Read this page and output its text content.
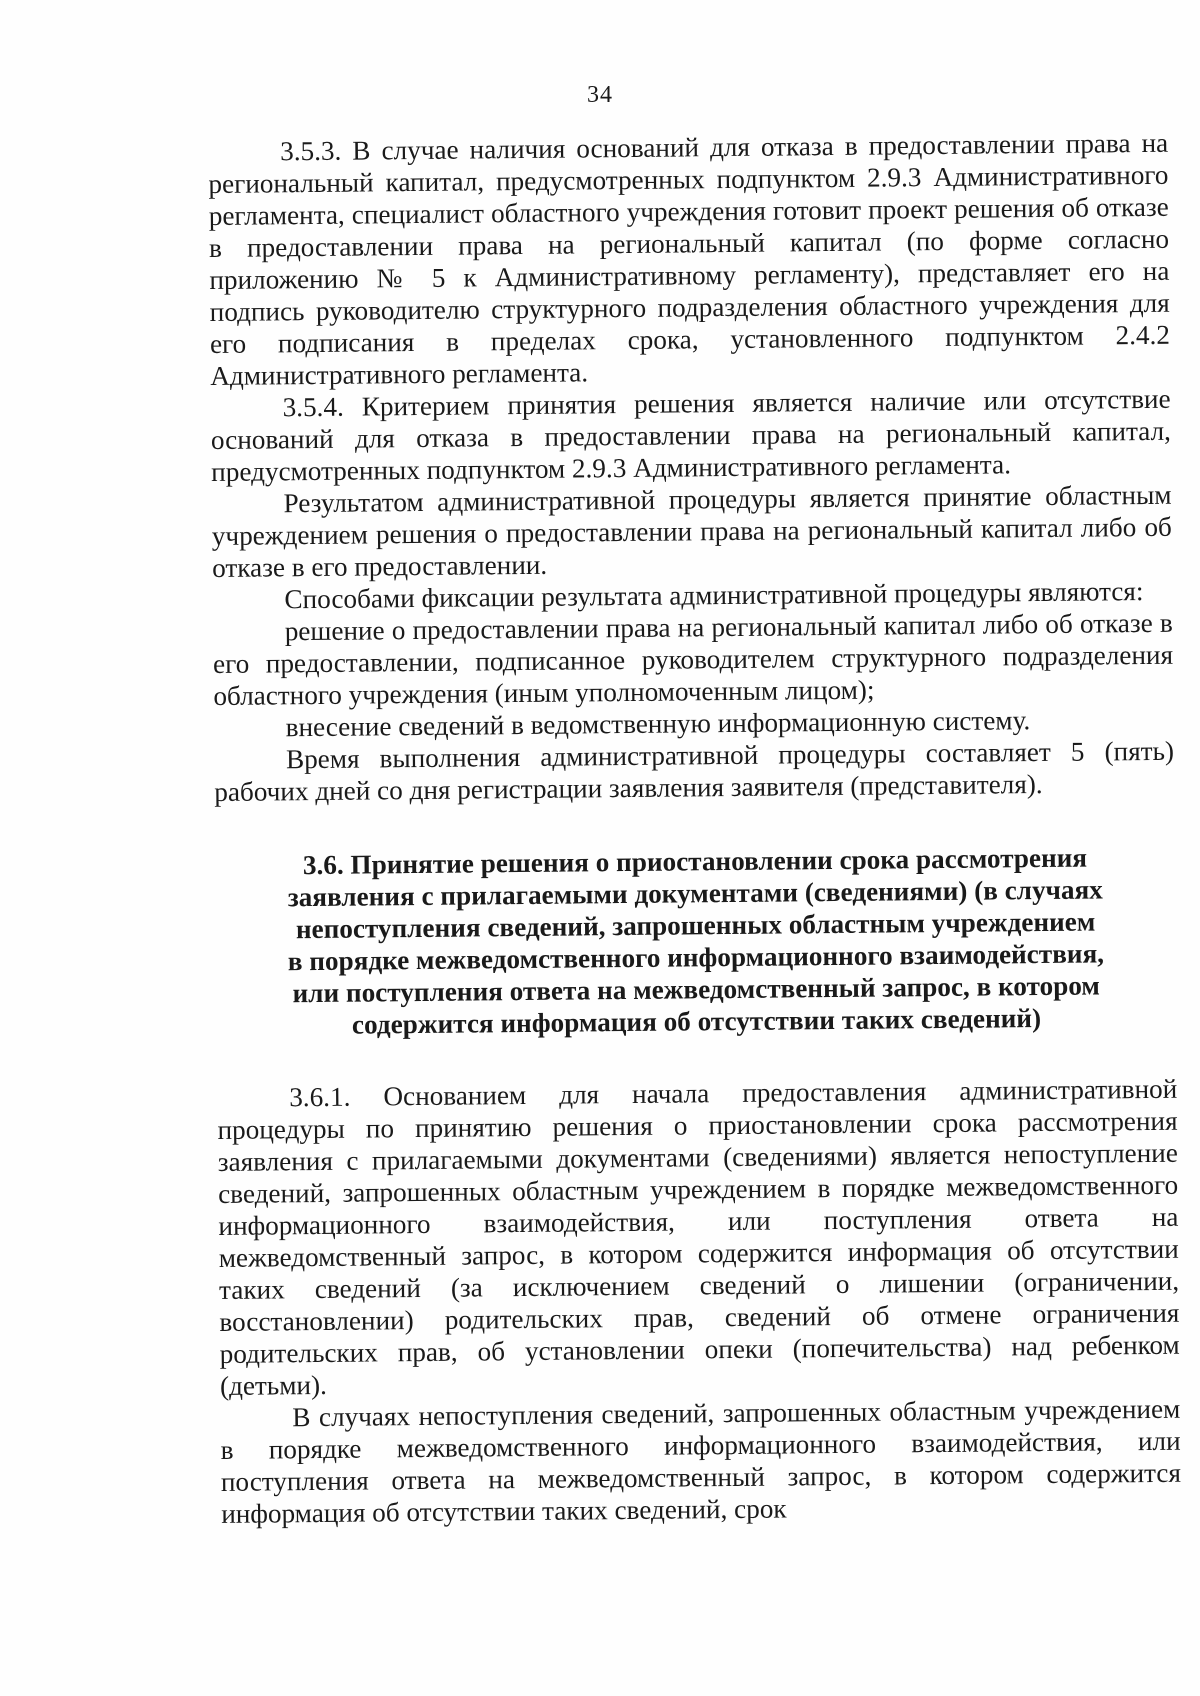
34

3.5.3. В случае наличия оснований для отказа в предоставлении права на региональный капитал, предусмотренных подпунктом 2.9.3 Административного регламента, специалист областного учреждения готовит проект решения об отказе в предоставлении права на региональный капитал (по форме согласно приложению № 5 к Административному регламенту), представляет его на подпись руководителю структурного подразделения областного учреждения для его подписания в пределах срока, установленного подпунктом 2.4.2 Административного регламента.

3.5.4. Критерием принятия решения является наличие или отсутствие оснований для отказа в предоставлении права на региональный капитал, предусмотренных подпунктом 2.9.3 Административного регламента.

Результатом административной процедуры является принятие областным учреждением решения о предоставлении права на региональный капитал либо об отказе в его предоставлении.

Способами фиксации результата административной процедуры являются:

решение о предоставлении права на региональный капитал либо об отказе в его предоставлении, подписанное руководителем структурного подразделения областного учреждения (иным уполномоченным лицом);

внесение сведений в ведомственную информационную систему.

Время выполнения административной процедуры составляет 5 (пять) рабочих дней со дня регистрации заявления заявителя (представителя).

3.6. Принятие решения о приостановлении срока рассмотрения
заявления с прилагаемыми документами (сведениями) (в случаях
непоступления сведений, запрошенных областным учреждением
в порядке межведомственного информационного взаимодействия,
или поступления ответа на межведомственный запрос, в котором
содержится информация об отсутствии таких сведений)

3.6.1. Основанием для начала предоставления административной процедуры по принятию решения о приостановлении срока рассмотрения заявления с прилагаемыми документами (сведениями) является непоступление сведений, запрошенных областным учреждением в порядке межведомственного информационного взаимодействия, или поступления ответа на межведомственный запрос, в котором содержится информация об отсутствии таких сведений (за исключением сведений о лишении (ограничении, восстановлении) родительских прав, сведений об отмене ограничения родительских прав, об установлении опеки (попечительства) над ребенком (детьми).

В случаях непоступления сведений, запрошенных областным учреждением в порядке межведомственного информационного взаимодействия, или поступления ответа на межведомственный запрос, в котором содержится информация об отсутствии таких сведений, срок
